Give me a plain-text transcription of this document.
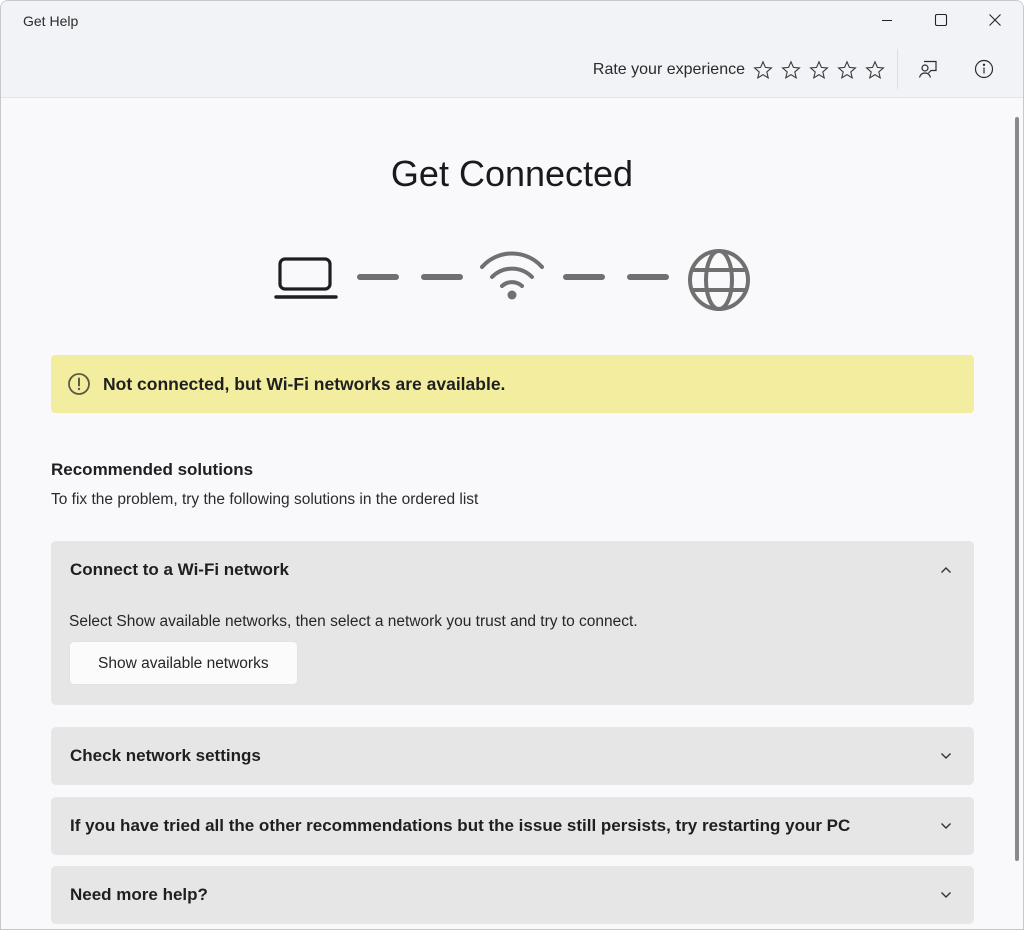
Get Help
Rate your experience
Get Connected
Not connected, but Wi-Fi networks are available.
Recommended solutions
To fix the problem, try the following solutions in the ordered list
Connect to a Wi-Fi network
Select Show available networks, then select a network you trust and try to connect.
Show available networks
Check network settings
If you have tried all the other recommendations but the issue still persists, try restarting your PC
Need more help?
